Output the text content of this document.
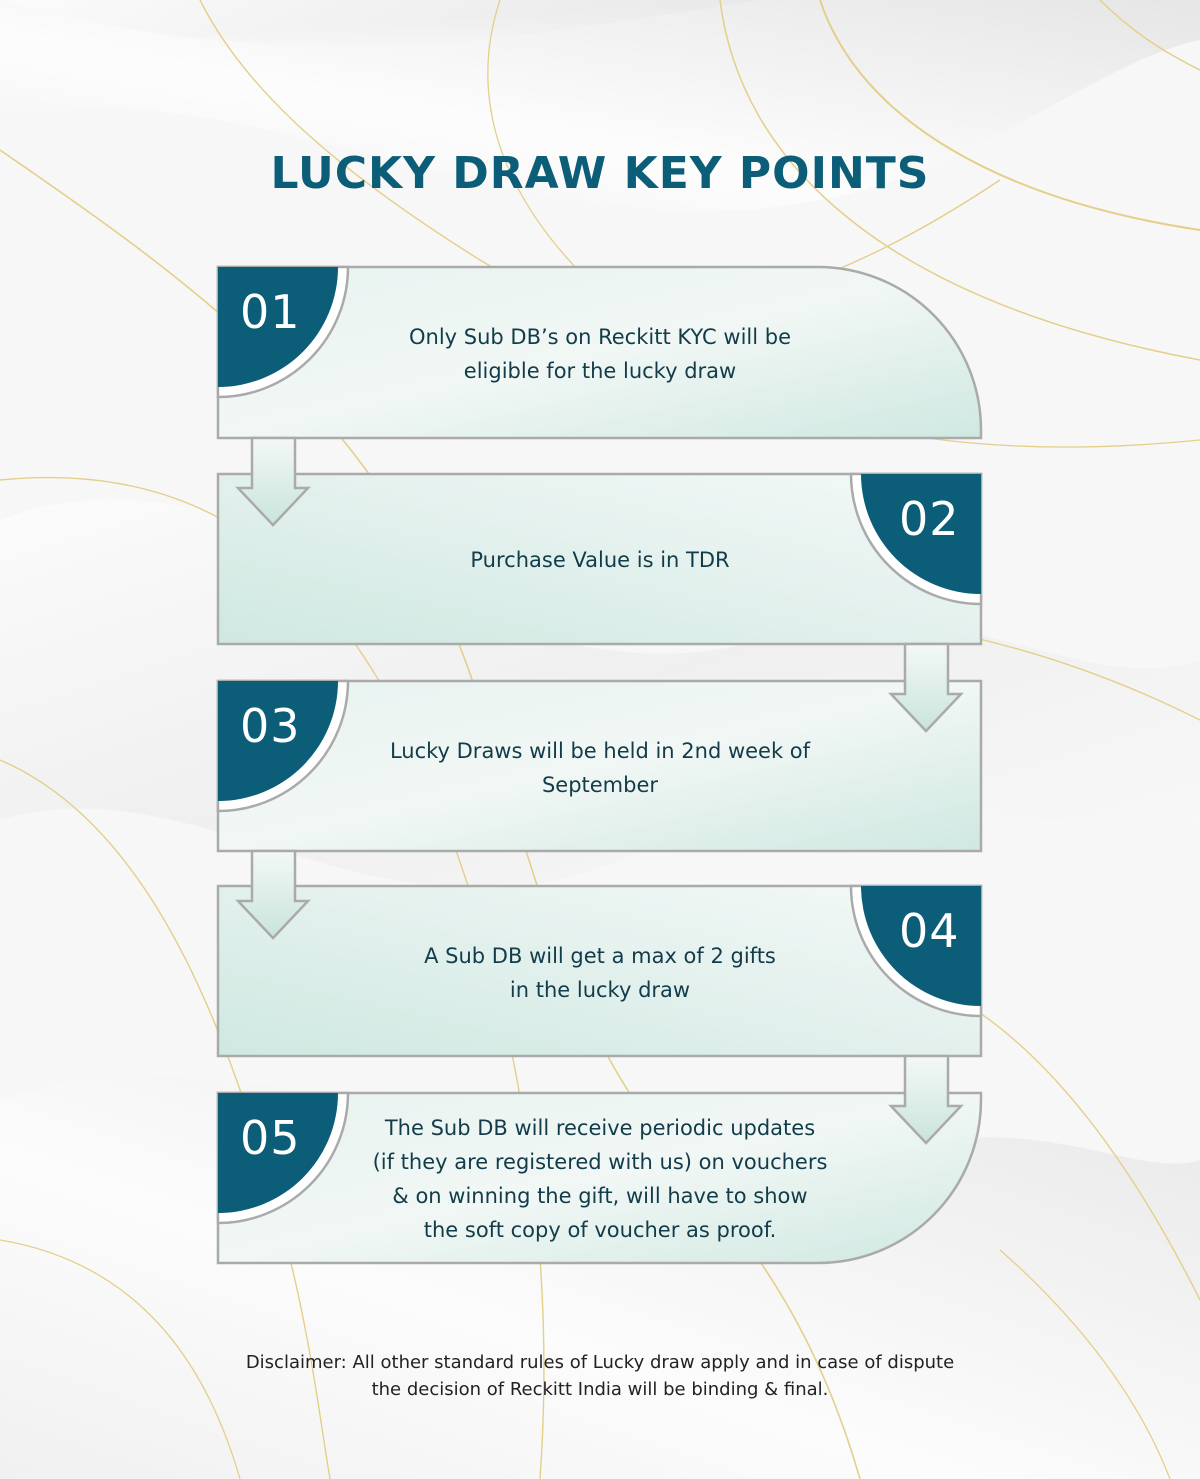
LUCKY DRAW KEY POINTS
01
02
03
04
05
Only Sub DB’s on Reckitt KYC will be
eligible for the lucky draw
Purchase Value is in TDR
Lucky Draws will be held in 2nd week of
September
A Sub DB will get a max of 2 gifts
in the lucky draw
The Sub DB will receive periodic updates
(if they are registered with us) on vouchers
& on winning the gift, will have to show
the soft copy of voucher as proof.
Disclaimer: All other standard rules of Lucky draw apply and in case of dispute
the decision of Reckitt India will be binding & final.
